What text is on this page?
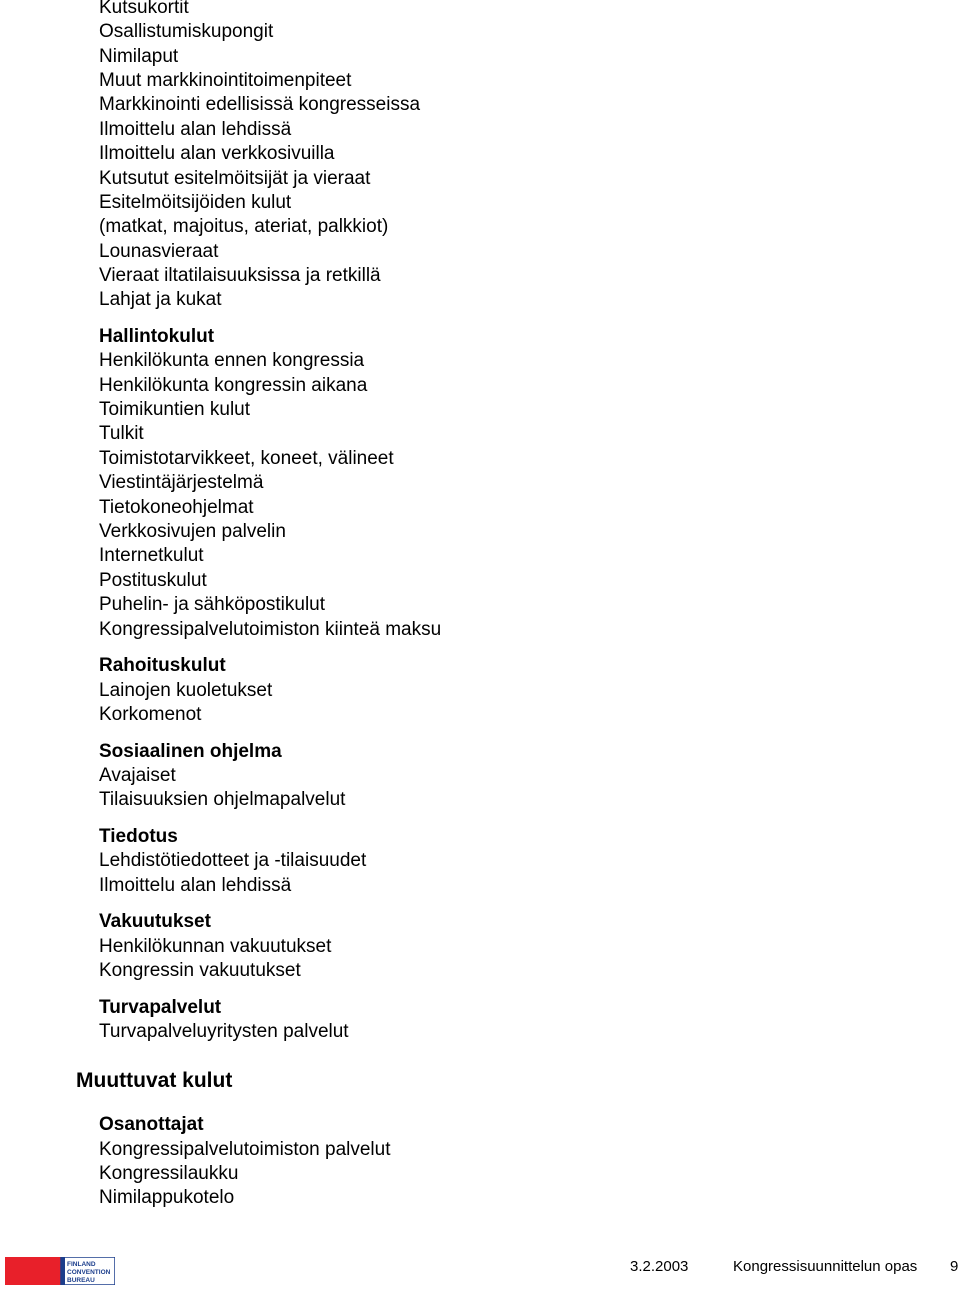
Kutsukortit
Osallistumiskupongit
Nimilaput
Muut markkinointitoimenpiteet
Markkinointi edellisissä kongresseissa
Ilmoittelu alan lehdissä
Ilmoittelu alan verkkosivuilla
Kutsutut esitelmöitsijät ja vieraat
Esitelmöitsijöiden kulut
(matkat, majoitus, ateriat, palkkiot)
Lounasvieraat
Vieraat iltatilaisuuksissa ja retkillä
Lahjat ja kukat
Hallintokulut
Henkilökunta ennen kongressia
Henkilökunta kongressin aikana
Toimikuntien kulut
Tulkit
Toimistotarvikkeet, koneet, välineet
Viestintäjärjestelmä
Tietokoneohjelmat
Verkkosivujen palvelin
Internetkulut
Postituskulut
Puhelin- ja sähköpostikulut
Kongressipalvelutoimiston kiinteä maksu
Rahoituskulut
Lainojen kuoletukset
Korkomenot
Sosiaalinen ohjelma
Avajaiset
Tilaisuuksien ohjelmapalvelut
Tiedotus
Lehdistötiedotteet ja -tilaisuudet
Ilmoittelu alan lehdissä
Vakuutukset
Henkilökunnan vakuutukset
Kongressin vakuutukset
Turvapalvelut
Turvapalveluyritysten palvelut
Muuttuvat kulut
Osanottajat
Kongressipalvelutoimiston palvelut
Kongressilaukku
Nimilappukotelo
FINLAND
CONVENTION
BUREAU
3.2.2003	Kongressisuunnittelun opas 9
